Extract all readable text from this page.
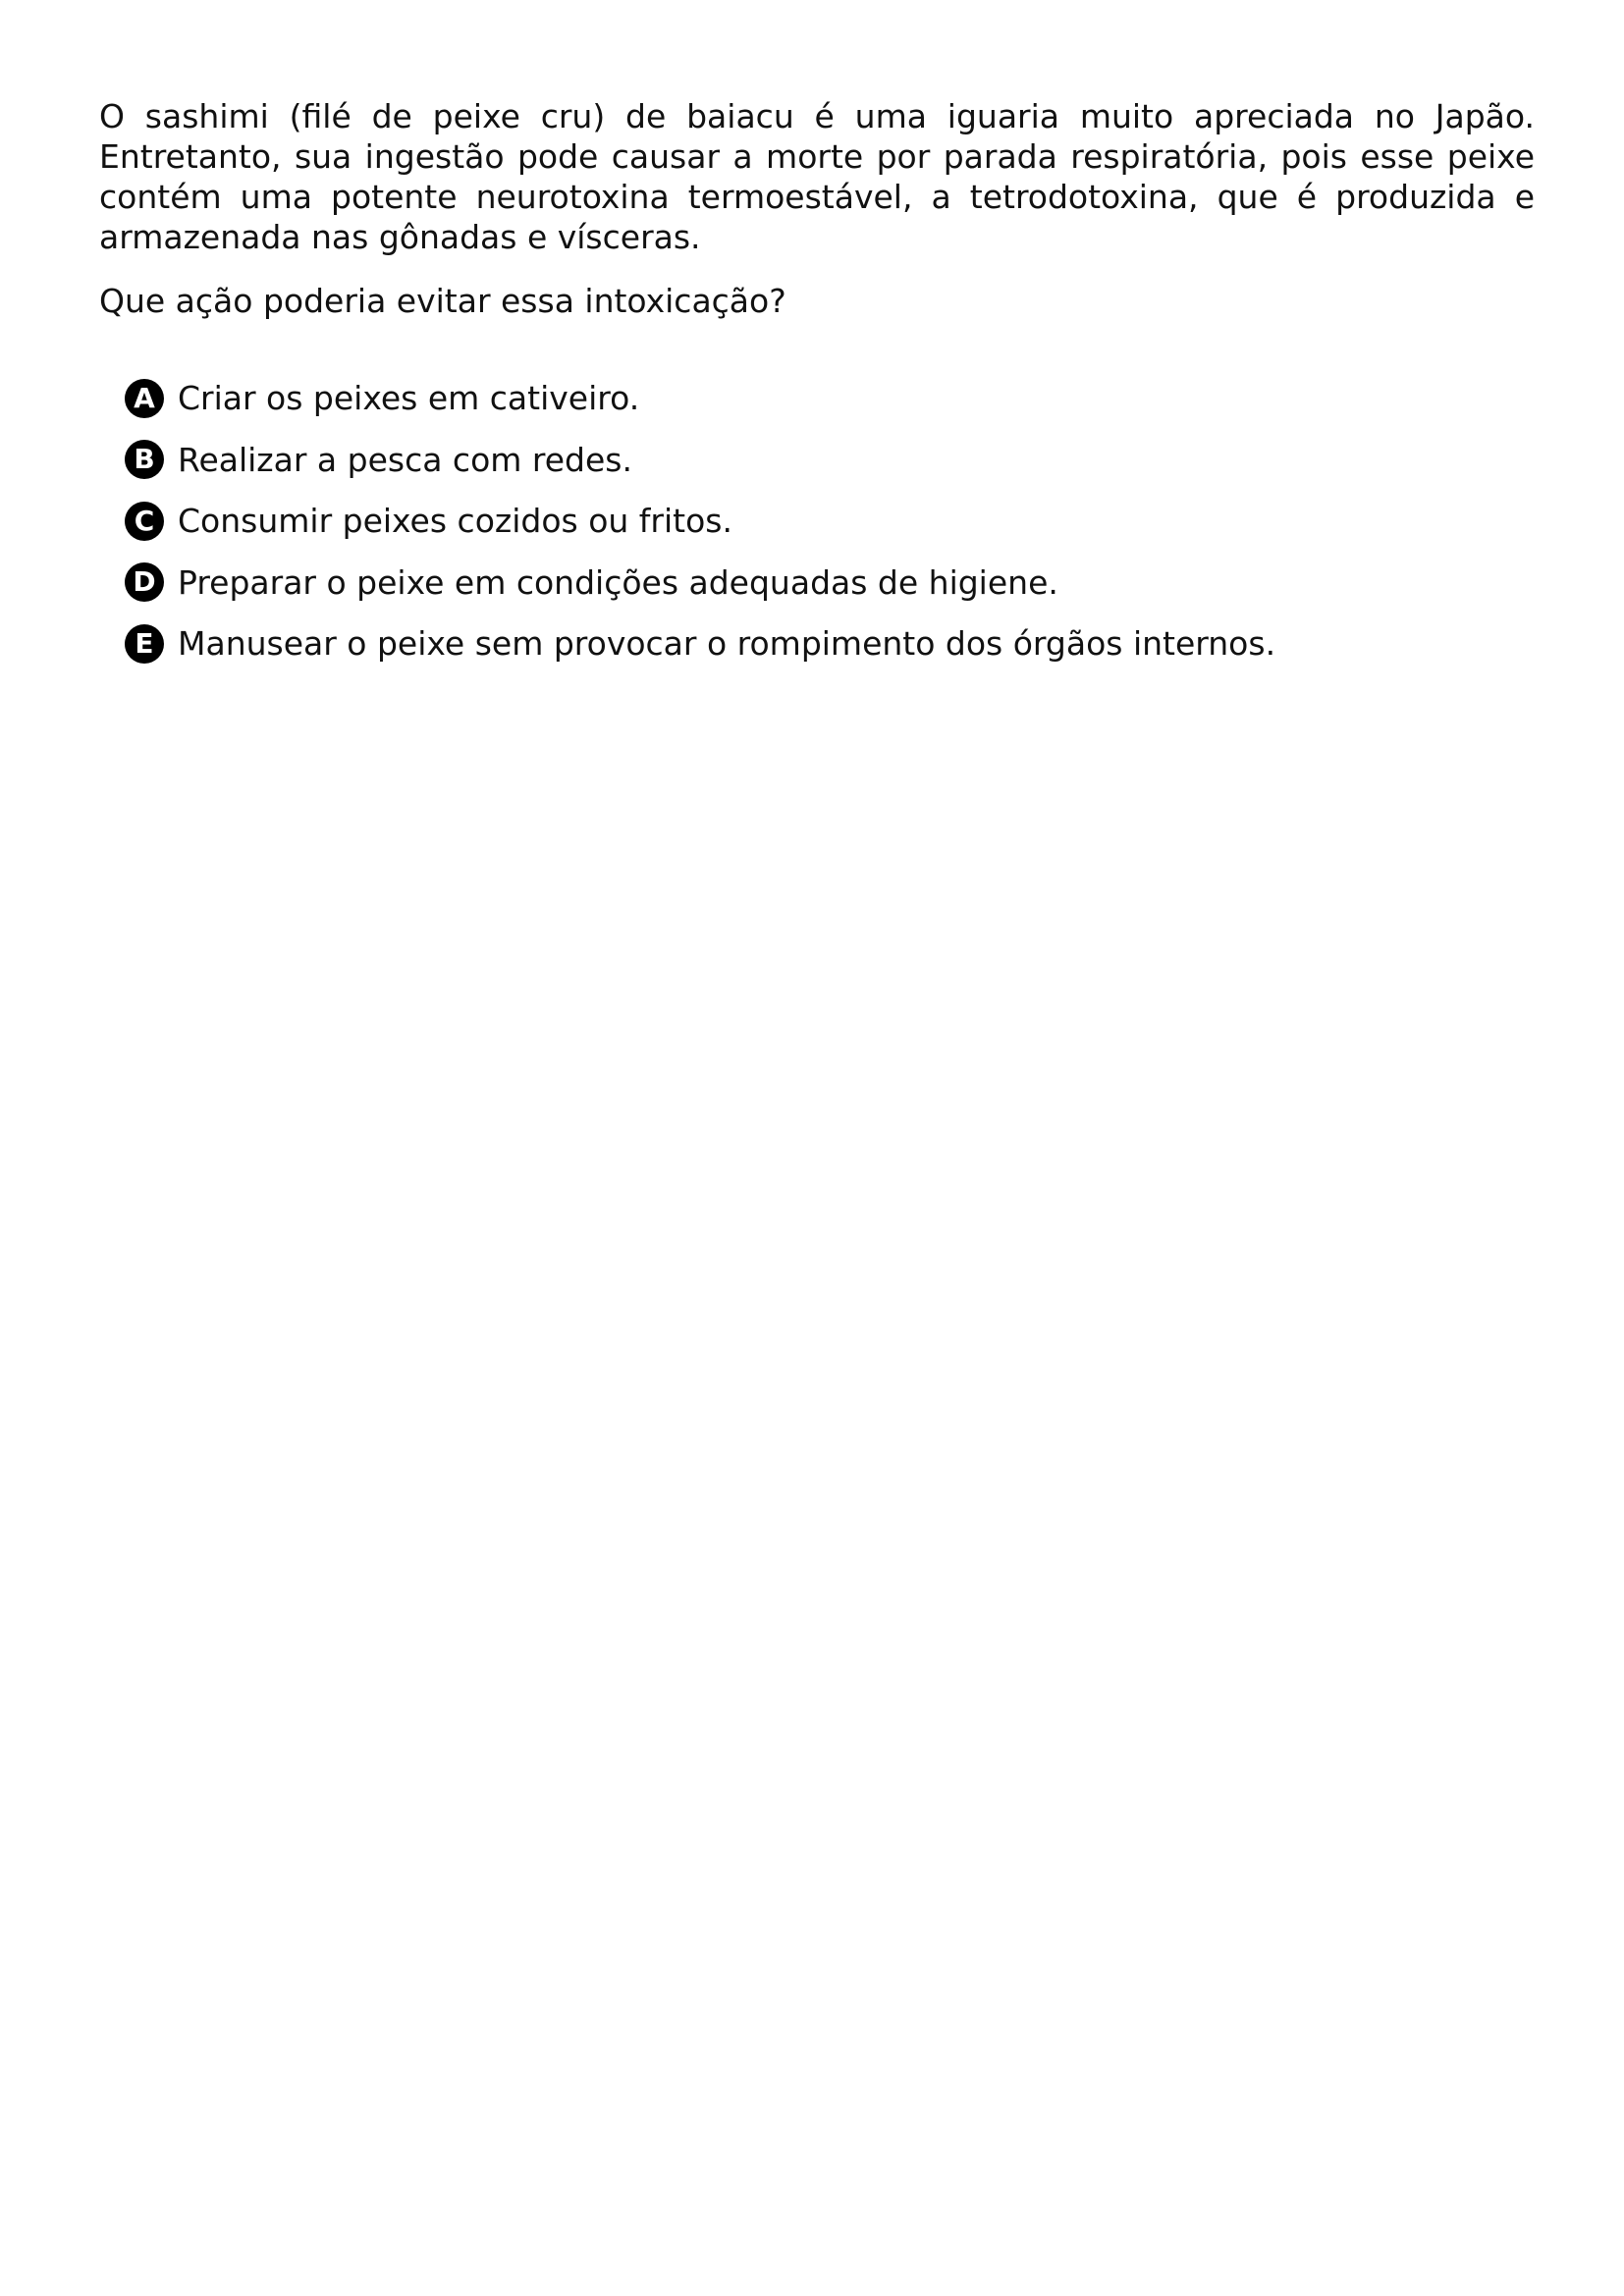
O sashimi (filé de peixe cru) de baiacu é uma iguaria muito apreciada no Japão. Entretanto, sua ingestão pode causar a morte por parada respiratória, pois esse peixe contém uma potente neurotoxina termoestável, a tetrodotoxina, que é produzida e armazenada nas gônadas e vísceras.

Que ação poderia evitar essa intoxicação?

A Criar os peixes em cativeiro.
B Realizar a pesca com redes.
C Consumir peixes cozidos ou fritos.
D Preparar o peixe em condições adequadas de higiene.
E Manusear o peixe sem provocar o rompimento dos órgãos internos.
